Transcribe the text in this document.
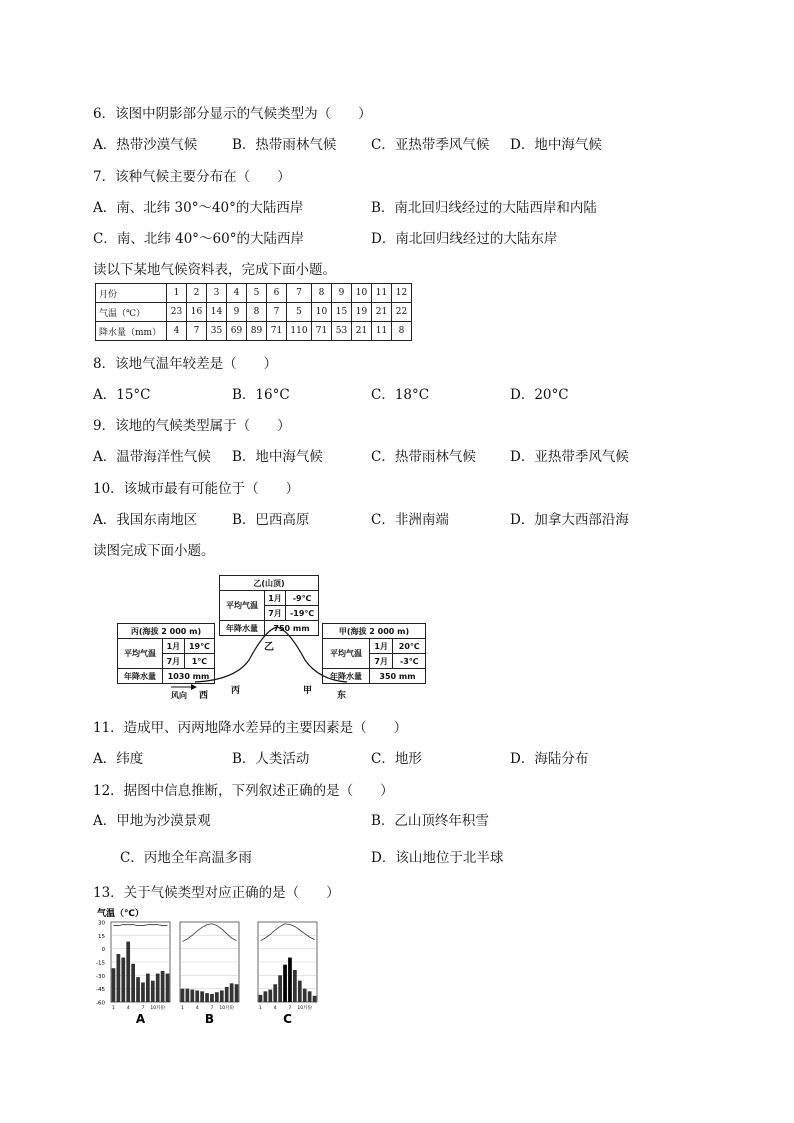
6．该图中阴影部分显示的气候类型为（　　）
A．热带沙漠气候	B．热带雨林气候	C．亚热带季风气候 D．地中海气候
7．该种气候主要分布在（　　）
A．南、北纬 30°～40°的大陆西岸	B．南北回归线经过的大陆西岸和内陆
C．南、北纬 40°～60°的大陆西岸	D．南北回归线经过的大陆东岸
读以下某地气候资料表，完成下面小题。
月份	1	2	3	4	5	6	7	8	9	10	11	12
气温（℃）	23	16	14	9	8	7	5	10	15	19	21	22
降水量（mm）	4	7	35	69	89	71	110	71	53	21	11	8
8．该地气温年较差是（　　）
A．15°C	B．16°C	C．18°C	D．20°C
9．该地的气候类型属于（　　）
A．温带海洋性气候 B．地中海气候	C．热带雨林气候	D．亚热带季风气候
10．该城市最有可能位于（　　）
A．我国东南地区	B．巴西高原	C．非洲南端	D．加拿大西部沿海
读图完成下面小题。
乙(山顶)		
平均气温	1月	-9℃
	7月	-19℃
年降水量	750 mm	
丙(海拔 2 000 m)		
平均气温	1月	19℃
	7月	1℃
年降水量	1030 mm	
甲(海拔 2 000 m)		
平均气温	1月	20℃
	7月	-3℃
年降水量	350 mm	
乙
丙	甲
西	东
风向
11．造成甲、丙两地降水差异的主要因素是（　　）
A．纬度	B．人类活动	C．地形	D．海陆分布
12．据图中信息推断，下列叙述正确的是（　　）
A．甲地为沙漠景观	B．乙山顶终年积雪
C．丙地全年高温多雨	D．该山地位于北半球
13．关于气候类型对应正确的是（　　）
气温（℃）
30
15
0
-15
-30
-45
-60
1	4	7 10月份
A
1	4	7 10月份
B
1	4	7 10月份
C
